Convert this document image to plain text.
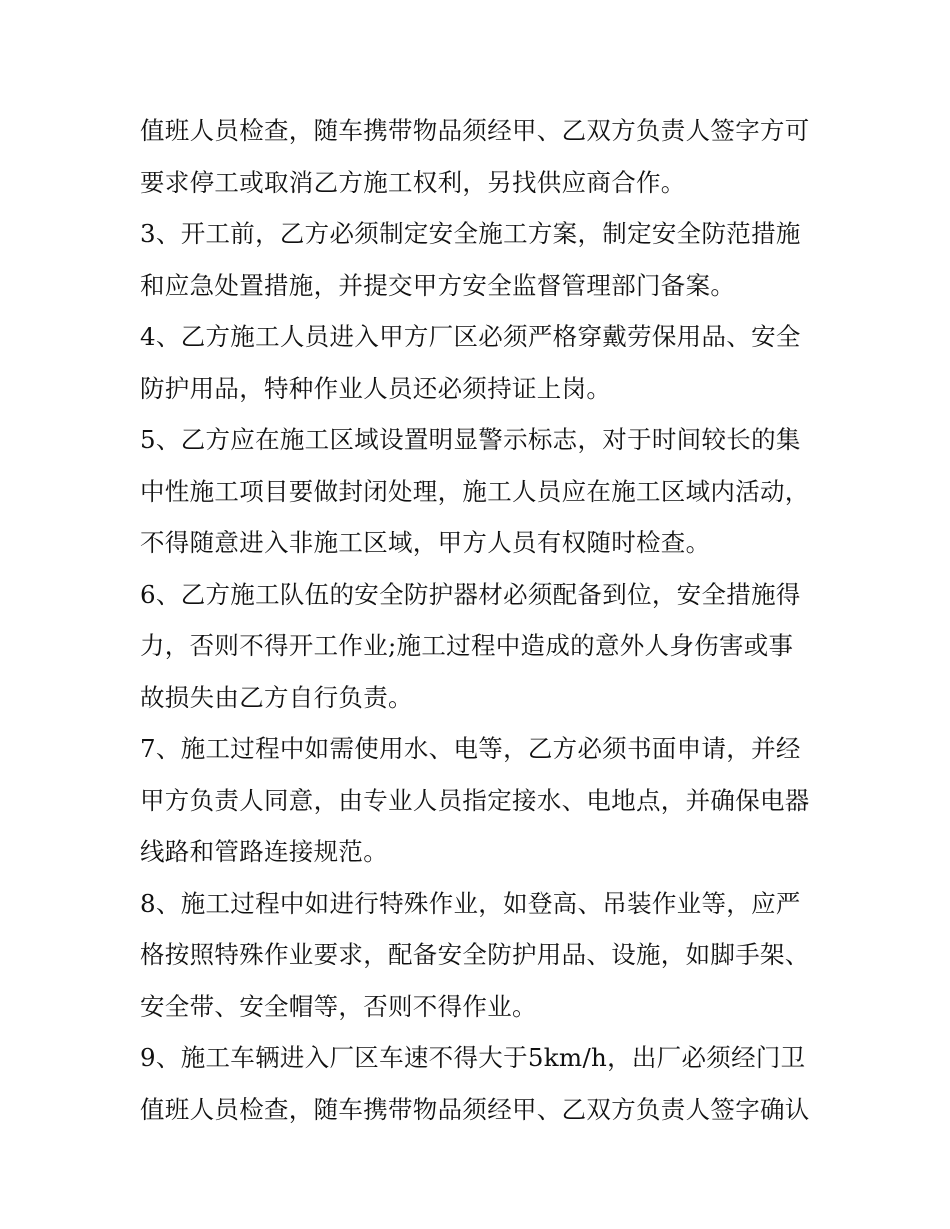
值班人员检查，随车携带物品须经甲、乙双方负责人签字方可
要求停工或取消乙方施工权利，另找供应商合作。
3、开工前，乙方必须制定安全施工方案，制定安全防范措施
和应急处置措施，并提交甲方安全监督管理部门备案。
4、乙方施工人员进入甲方厂区必须严格穿戴劳保用品、安全
防护用品，特种作业人员还必须持证上岗。
5、乙方应在施工区域设置明显警示标志，对于时间较长的集
中性施工项目要做封闭处理，施工人员应在施工区域内活动，
不得随意进入非施工区域，甲方人员有权随时检查。
6、乙方施工队伍的安全防护器材必须配备到位，安全措施得
力，否则不得开工作业;施工过程中造成的意外人身伤害或事
故损失由乙方自行负责。
7、施工过程中如需使用水、电等，乙方必须书面申请，并经
甲方负责人同意，由专业人员指定接水、电地点，并确保电器
线路和管路连接规范。
8、施工过程中如进行特殊作业，如登高、吊装作业等，应严
格按照特殊作业要求，配备安全防护用品、设施，如脚手架、
安全带、安全帽等，否则不得作业。
9、施工车辆进入厂区车速不得大于5km/h，出厂必须经门卫
值班人员检查，随车携带物品须经甲、乙双方负责人签字确认
